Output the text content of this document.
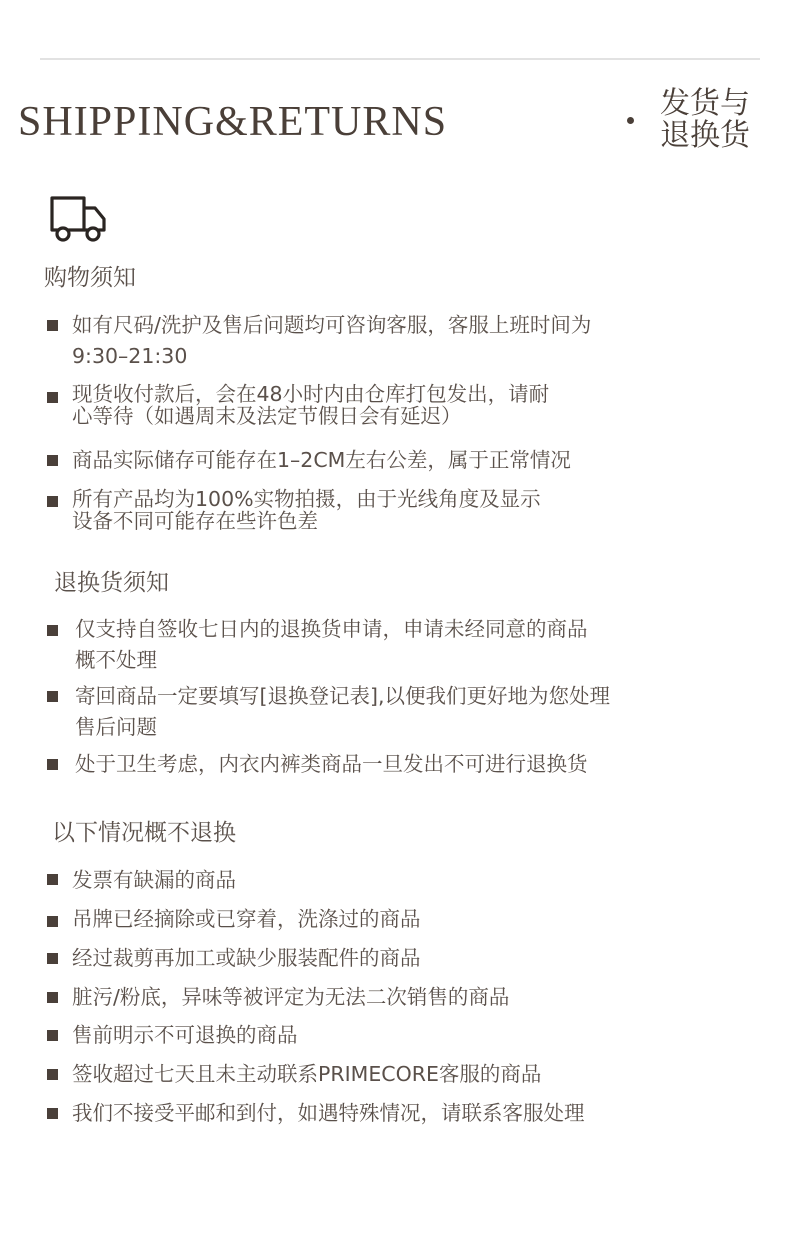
SHIPPING&RETURNS	发货与
退换货
购物须知
退换货须知
以下情况概不退换
如有尺码/洗护及售后问题均可咨询客服，客服上班时间为
9:30–21:30
现货收付款后，会在48小时内由仓库打包发出，请耐
心等待（如遇周末及法定节假日会有延迟）
商品实际储存可能存在1–2CM左右公差，属于正常情况
所有产品均为100%实物拍摄，由于光线角度及显示
设备不同可能存在些许色差
仅支持自签收七日内的退换货申请，申请未经同意的商品
概不处理
寄回商品一定要填写[退换登记表],以便我们更好地为您处理
售后问题
处于卫生考虑，内衣内裤类商品一旦发出不可进行退换货
发票有缺漏的商品
吊牌已经摘除或已穿着，洗涤过的商品
经过裁剪再加工或缺少服装配件的商品
脏污/粉底，异味等被评定为无法二次销售的商品
售前明示不可退换的商品
签收超过七天且未主动联系PRIMECORE客服的商品
我们不接受平邮和到付，如遇特殊情况，请联系客服处理
